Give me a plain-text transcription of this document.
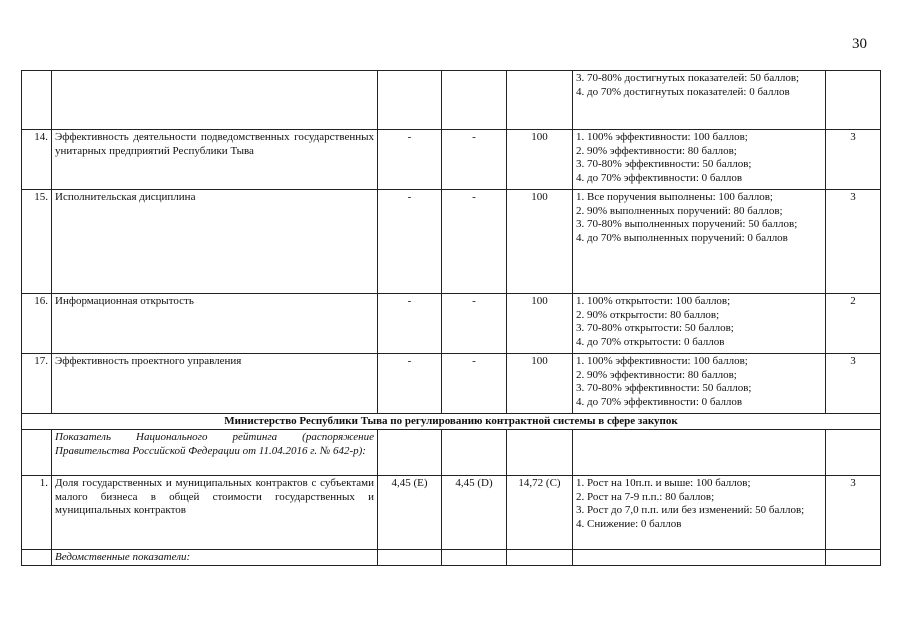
30

					3. 70-80% достигнутых показателей: 50 баллов;
4. до 70% достигнутых показателей: 0 баллов	

14.	Эффективность деятельности подведомственных государственных унитарных предприятий Республики Тыва	-	-	100	1. 100% эффективности: 100 баллов;
2. 90% эффективности: 80 баллов;
3. 70-80% эффективности: 50 баллов;
4. до 70% эффективности: 0 баллов	3
15.	Исполнительская дисциплина	-	-	100	1. Все поручения выполнены: 100 баллов;
2. 90% выполненных поручений: 80 баллов;
3. 70-80% выполненных поручений: 50 баллов;
4. до 70% выполненных поручений: 0 баллов	3
16.	Информационная открытость	-	-	100	1. 100% открытости: 100 баллов;
2. 90% открытости: 80 баллов;
3. 70-80% открытости: 50 баллов;
4. до 70% открытости: 0 баллов	2
17.	Эффективность проектного управления	-	-	100	1. 100% эффективности: 100 баллов;
2. 90% эффективности: 80 баллов;
3. 70-80% эффективности: 50 баллов;
4. до 70% эффективности: 0 баллов	3
Министерство Республики Тыва по регулированию контрактной системы в сфере закупок						
	Показатель Национального рейтинга (распоряжение Правительства Российской Федерации от 11.04.2016 г. № 642-р):					
1.	Доля государственных и муниципальных контрактов с субъектами малого бизнеса в общей стоимости государственных и муниципальных контрактов	4,45 (E)	4,45 (D)	14,72 (C)	1. Рост на 10п.п. и выше: 100 баллов;
2. Рост на 7-9 п.п.: 80 баллов;
3. Рост до 7,0 п.п. или без изменений: 50 баллов;
4. Снижение: 0 баллов	3
	Ведомственные показатели:					
